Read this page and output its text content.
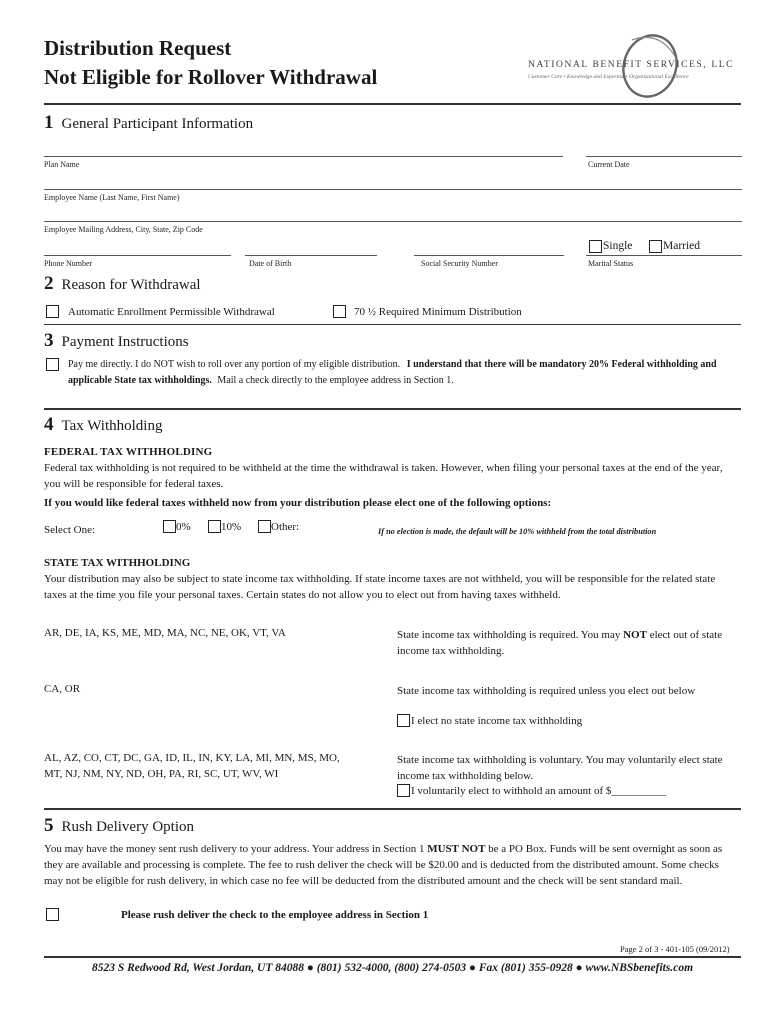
Distribution Request
Not Eligible for Rollover Withdrawal	NATIONAL BENEFIT SERVICES, LLC
Customer Care • Knowledge and Expertise • Organizational Excellence
1 General Participant Information
Plan Name	Current Date
Employee Name (Last Name, First Name)
Employee Mailing Address, City, State, Zip Code
Phone Number	Date of Birth	Social Security Number	Marital Status
Single	Married
2 Reason for Withdrawal
Automatic Enrollment Permissible Withdrawal	70 ½ Required Minimum Distribution
3 Payment Instructions
Pay me directly. I do NOT wish to roll over any portion of my eligible distribution. I understand that there will be mandatory 20% Federal withholding and applicable State tax withholdings. Mail a check directly to the employee address in Section 1.
4 Tax Withholding
FEDERAL TAX WITHHOLDING
Federal tax withholding is not required to be withheld at the time the withdrawal is taken. However, when filing your personal taxes at the end of the year, you will be responsible for federal taxes.
If you would like federal taxes withheld now from your distribution please elect one of the following options:
Select One:	0%	10%	Other:	If no election is made, the default will be 10% withheld from the total distribution
STATE TAX WITHHOLDING
Your distribution may also be subject to state income tax withholding. If state income taxes are not withheld, you will be responsible for the related state taxes at the time you file your personal taxes. Certain states do not allow you to elect out from having taxes withheld.
AR, DE, IA, KS, ME, MD, MA, NC, NE, OK, VT, VA	State income tax withholding is required. You may NOT elect out of state income tax withholding.
CA, OR	State income tax withholding is required unless you elect out below
I elect no state income tax withholding
AL, AZ, CO, CT, DC, GA, ID, IL, IN, KY, LA, MI, MN, MS, MO,
MT, NJ, NM, NY, ND, OH, PA, RI, SC, UT, WV, WI
State income tax withholding is voluntary. You may voluntarily elect state income tax withholding below.
I voluntarily elect to withhold an amount of $__________
5 Rush Delivery Option
You may have the money sent rush delivery to your address. Your address in Section 1 MUST NOT be a PO Box. Funds will be sent overnight as soon as they are available and processing is complete. The fee to rush deliver the check will be $20.00 and is deducted from the distributed amount. Some checks may not be eligible for rush delivery, in which case no fee will be deducted from the distributed amount and the check will be sent standard mail.
Please rush deliver the check to the employee address in Section 1
Page 2 of 3 - 401-105 (09/2012)
8523 S Redwood Rd, West Jordan, UT 84088 ● (801) 532-4000, (800) 274-0503 ● Fax (801) 355-0928 ● www.NBSbenefits.com
